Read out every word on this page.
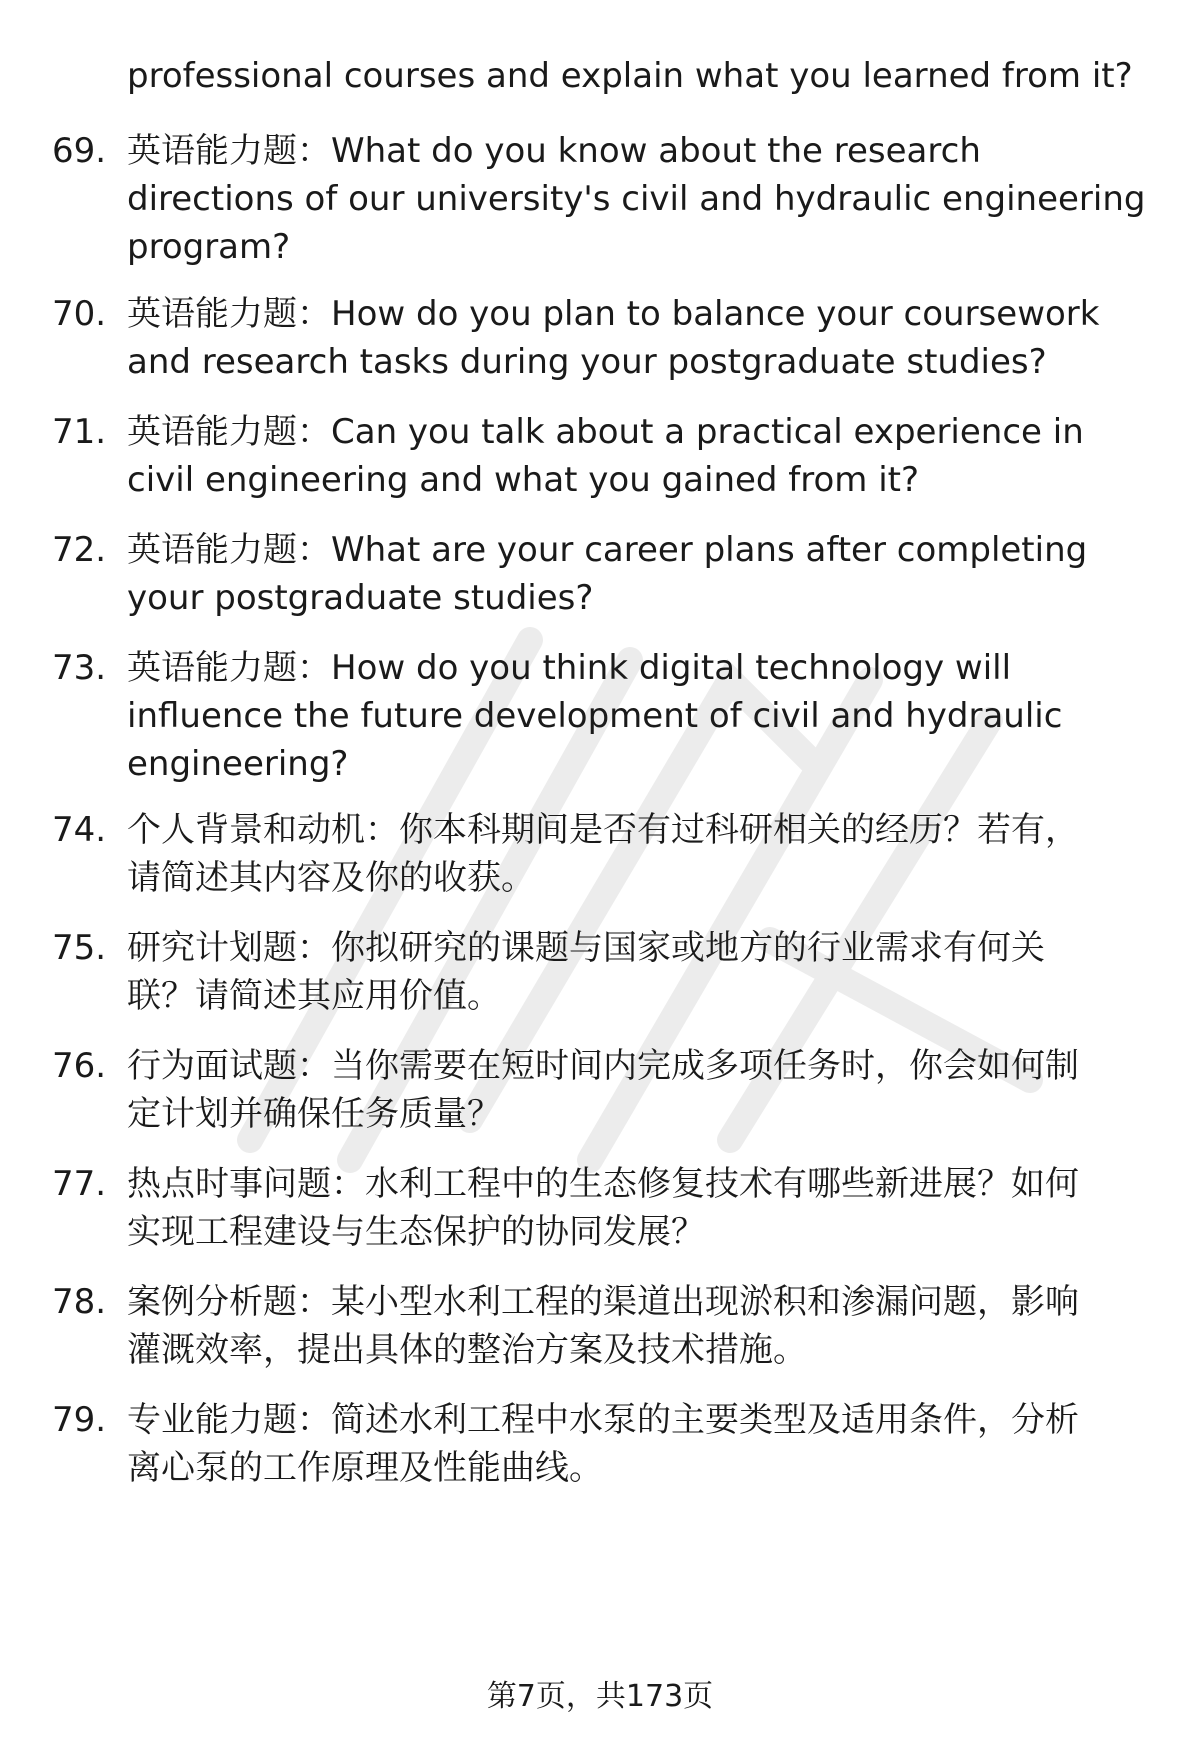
professional courses and explain what you learned from it?
69. 英语能力题：What do you know about the research
directions of our university's civil and hydraulic engineering
program?
70. 英语能力题：How do you plan to balance your coursework
and research tasks during your postgraduate studies?
71. 英语能力题：Can you talk about a practical experience in
civil engineering and what you gained from it?
72. 英语能力题：What are your career plans after completing
your postgraduate studies?
73. 英语能力题：How do you think digital technology will
influence the future development of civil and hydraulic
engineering?
74. 个人背景和动机：你本科期间是否有过科研相关的经历？若有，
请简述其内容及你的收获。
75. 研究计划题：你拟研究的课题与国家或地方的行业需求有何关
联？请简述其应用价值。
76. 行为面试题：当你需要在短时间内完成多项任务时，你会如何制
定计划并确保任务质量？
77. 热点时事问题：水利工程中的生态修复技术有哪些新进展？如何
实现工程建设与生态保护的协同发展？
78. 案例分析题：某小型水利工程的渠道出现淤积和渗漏问题，影响
灌溉效率，提出具体的整治方案及技术措施。
79. 专业能力题：简述水利工程中水泵的主要类型及适用条件，分析
离心泵的工作原理及性能曲线。
第7页，共173页
